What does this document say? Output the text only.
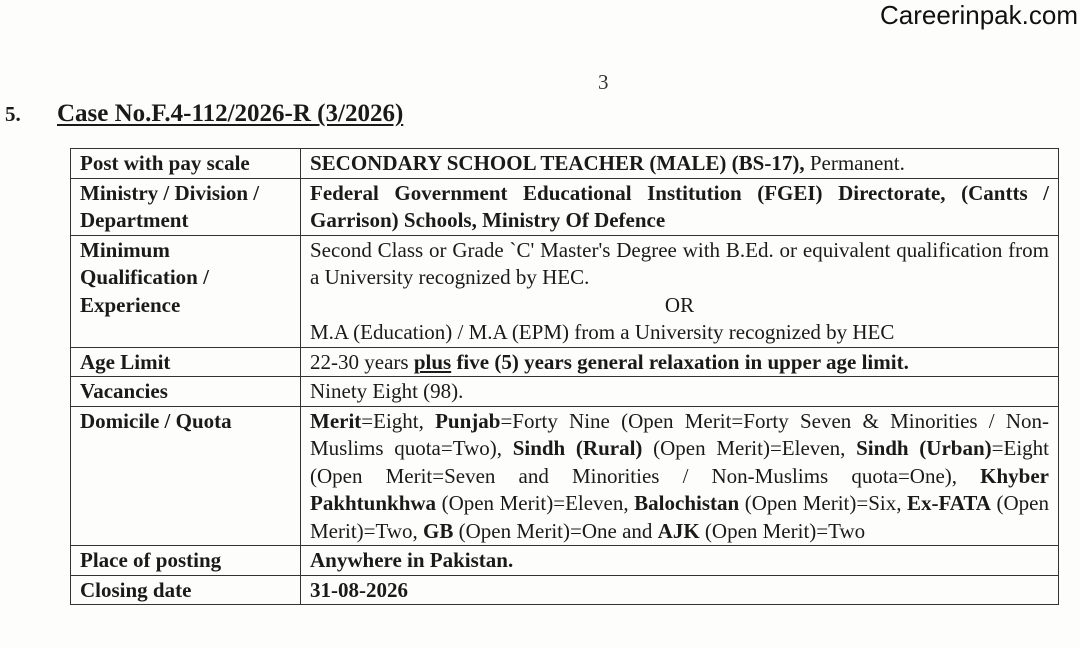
Careerinpak.com
3
5. Case No.F.4-112/2026-R (3/2026)
Post with pay scale	SECONDARY SCHOOL TEACHER (MALE) (BS-17), Permanent.
Ministry / Division / Department	Federal Government Educational Institution (FGEI) Directorate, (Cantts / Garrison) Schools, Ministry Of Defence
Minimum Qualification / Experience	Second Class or Grade `C' Master's Degree with B.Ed. or equivalent qualification from a University recognized by HEC.
OR
M.A (Education) / M.A (EPM) from a University recognized by HEC

Age Limit	22-30 years plus five (5) years general relaxation in upper age limit.
Vacancies	Ninety Eight (98).
Domicile / Quota	Merit=Eight, Punjab=Forty Nine (Open Merit=Forty Seven & Minorities / Non-Muslims quota=Two), Sindh (Rural) (Open Merit)=Eleven, Sindh (Urban)=Eight (Open Merit=Seven and Minorities / Non-Muslims quota=One), Khyber Pakhtunkhwa (Open Merit)=Eleven, Balochistan (Open Merit)=Six, Ex-FATA (Open Merit)=Two, GB (Open Merit)=One and AJK (Open Merit)=Two
Place of posting	Anywhere in Pakistan.
Closing date	31-08-2026
